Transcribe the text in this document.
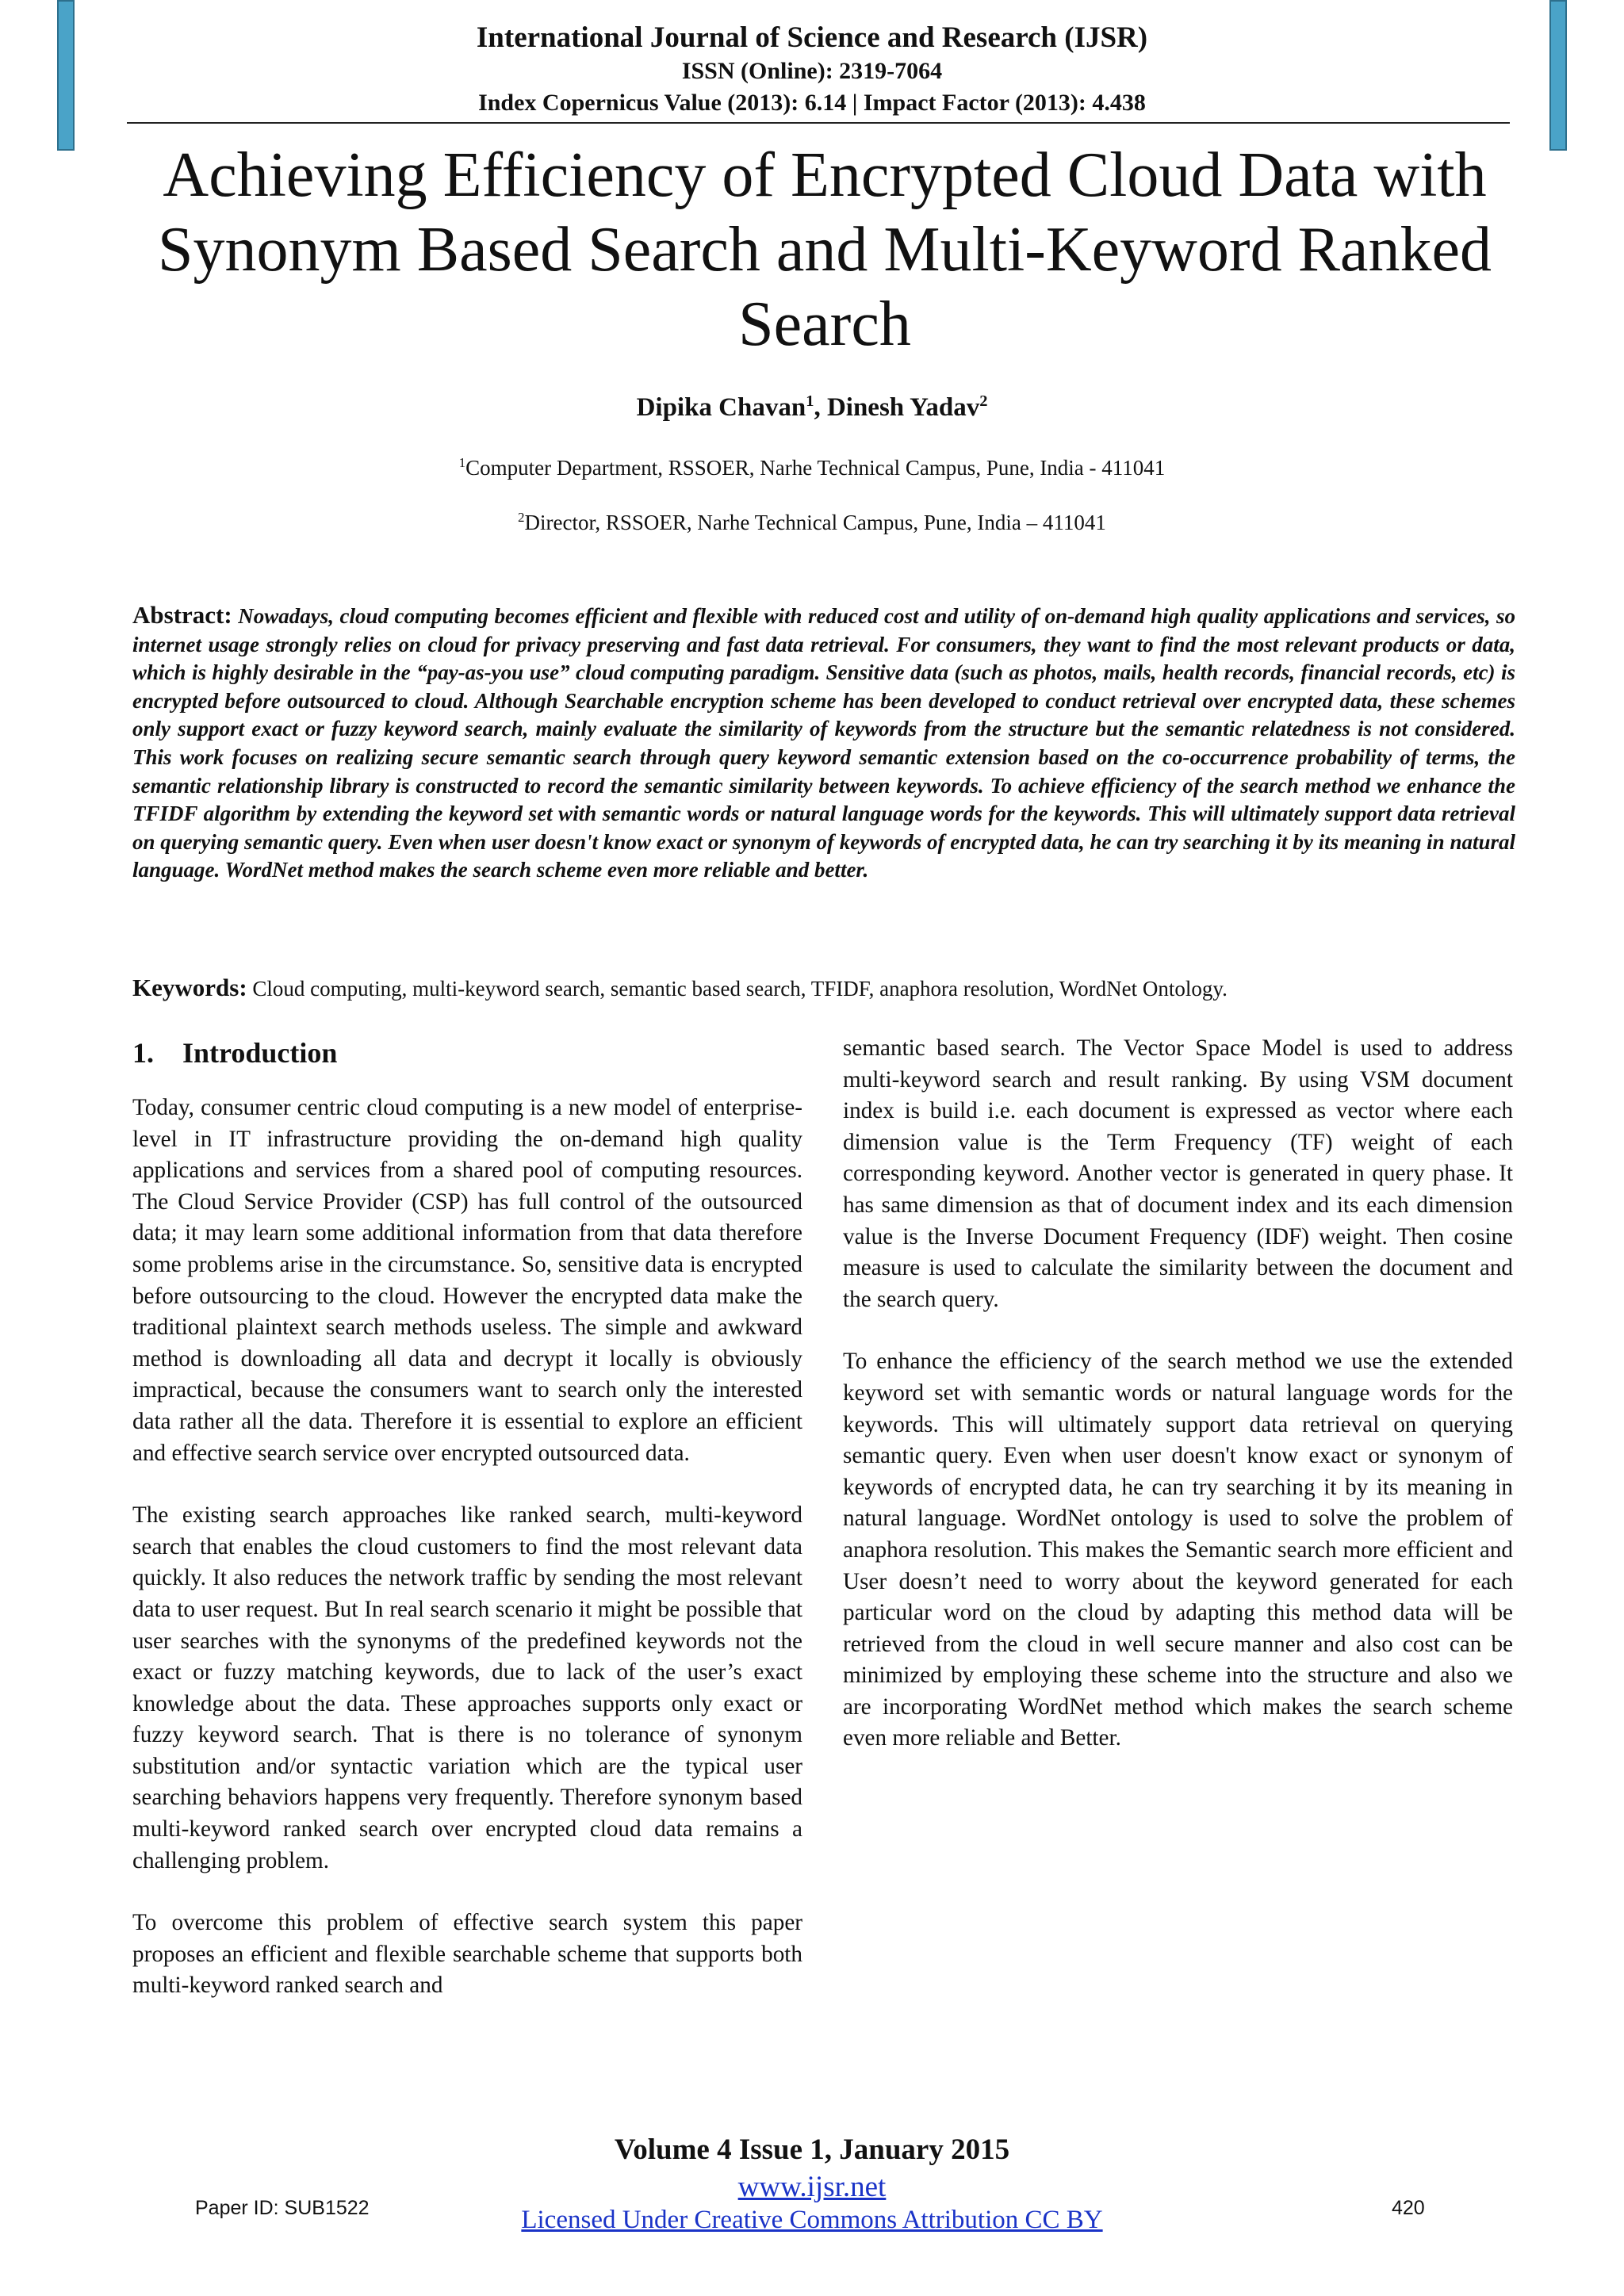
International Journal of Science and Research (IJSR)
ISSN (Online): 2319-7064
Index Copernicus Value (2013): 6.14 | Impact Factor (2013): 4.438
Achieving Efficiency of Encrypted Cloud Data with Synonym Based Search and Multi-Keyword Ranked Search
Dipika Chavan$^1$, Dinesh Yadav$^2$
$^1$Computer Department, RSSOER, Narhe Technical Campus, Pune, India - 411041
$^2$Director, RSSOER, Narhe Technical Campus, Pune, India – 411041

Abstract: Nowadays, cloud computing becomes efficient and flexible with reduced cost and utility of on-demand high quality applications and services, so internet usage strongly relies on cloud for privacy preserving and fast data retrieval. For consumers, they want to find the most relevant products or data, which is highly desirable in the “pay-as-you use” cloud computing paradigm. Sensitive data (such as photos, mails, health records, financial records, etc) is encrypted before outsourced to cloud. Although Searchable encryption scheme has been developed to conduct retrieval over encrypted data, these schemes only support exact or fuzzy keyword search, mainly evaluate the similarity of keywords from the structure but the semantic relatedness is not considered. This work focuses on realizing secure semantic search through query keyword semantic extension based on the co-occurrence probability of terms, the semantic relationship library is constructed to record the semantic similarity between keywords. To achieve efficiency of the search method we enhance the TFIDF algorithm by extending the keyword set with semantic words or natural language words for the keywords. This will ultimately support data retrieval on querying semantic query. Even when user doesn't know exact or synonym of keywords of encrypted data, he can try searching it by its meaning in natural language. WordNet method makes the search scheme even more reliable and better.

Keywords: Cloud computing, multi-keyword search, semantic based search, TFIDF, anaphora resolution, WordNet Ontology.

1. Introduction

Today, consumer centric cloud computing is a new model of enterprise-level in IT infrastructure providing the on-demand high quality applications and services from a shared pool of computing resources. The Cloud Service Provider (CSP) has full control of the outsourced data; it may learn some additional information from that data therefore some problems arise in the circumstance. So, sensitive data is encrypted before outsourcing to the cloud. However the encrypted data make the traditional plaintext search methods useless. The simple and awkward method is downloading all data and decrypt it locally is obviously impractical, because the consumers want to search only the interested data rather all the data. Therefore it is essential to explore an efficient and effective search service over encrypted outsourced data.

The existing search approaches like ranked search, multi-keyword search that enables the cloud customers to find the most relevant data quickly. It also reduces the network traffic by sending the most relevant data to user request. But In real search scenario it might be possible that user searches with the synonyms of the predefined keywords not the exact or fuzzy matching keywords, due to lack of the user’s exact knowledge about the data. These approaches supports only exact or fuzzy keyword search. That is there is no tolerance of synonym substitution and/or syntactic variation which are the typical user searching behaviors happens very frequently. Therefore synonym based multi-keyword ranked search over encrypted cloud data remains a challenging problem.

To overcome this problem of effective search system this paper proposes an efficient and flexible searchable scheme that supports both multi-keyword ranked search and

semantic based search. The Vector Space Model is used to address multi-keyword search and result ranking. By using VSM document index is build i.e. each document is expressed as vector where each dimension value is the Term Frequency (TF) weight of each corresponding keyword. Another vector is generated in query phase. It has same dimension as that of document index and its each dimension value is the Inverse Document Frequency (IDF) weight. Then cosine measure is used to calculate the similarity between the document and the search query.

To enhance the efficiency of the search method we use the extended keyword set with semantic words or natural language words for the keywords. This will ultimately support data retrieval on querying semantic query. Even when user doesn't know exact or synonym of keywords of encrypted data, he can try searching it by its meaning in natural language. WordNet ontology is used to solve the problem of anaphora resolution. This makes the Semantic search more efficient and User doesn’t need to worry about the keyword generated for each particular word on the cloud by adapting this method data will be retrieved from the cloud in well secure manner and also cost can be minimized by employing these scheme into the structure and also we are incorporating WordNet method which makes the search scheme even more reliable and Better.

Volume 4 Issue 1, January 2015
www.ijsr.net
Licensed Under Creative Commons Attribution CC BY
Paper ID: SUB1522	420
